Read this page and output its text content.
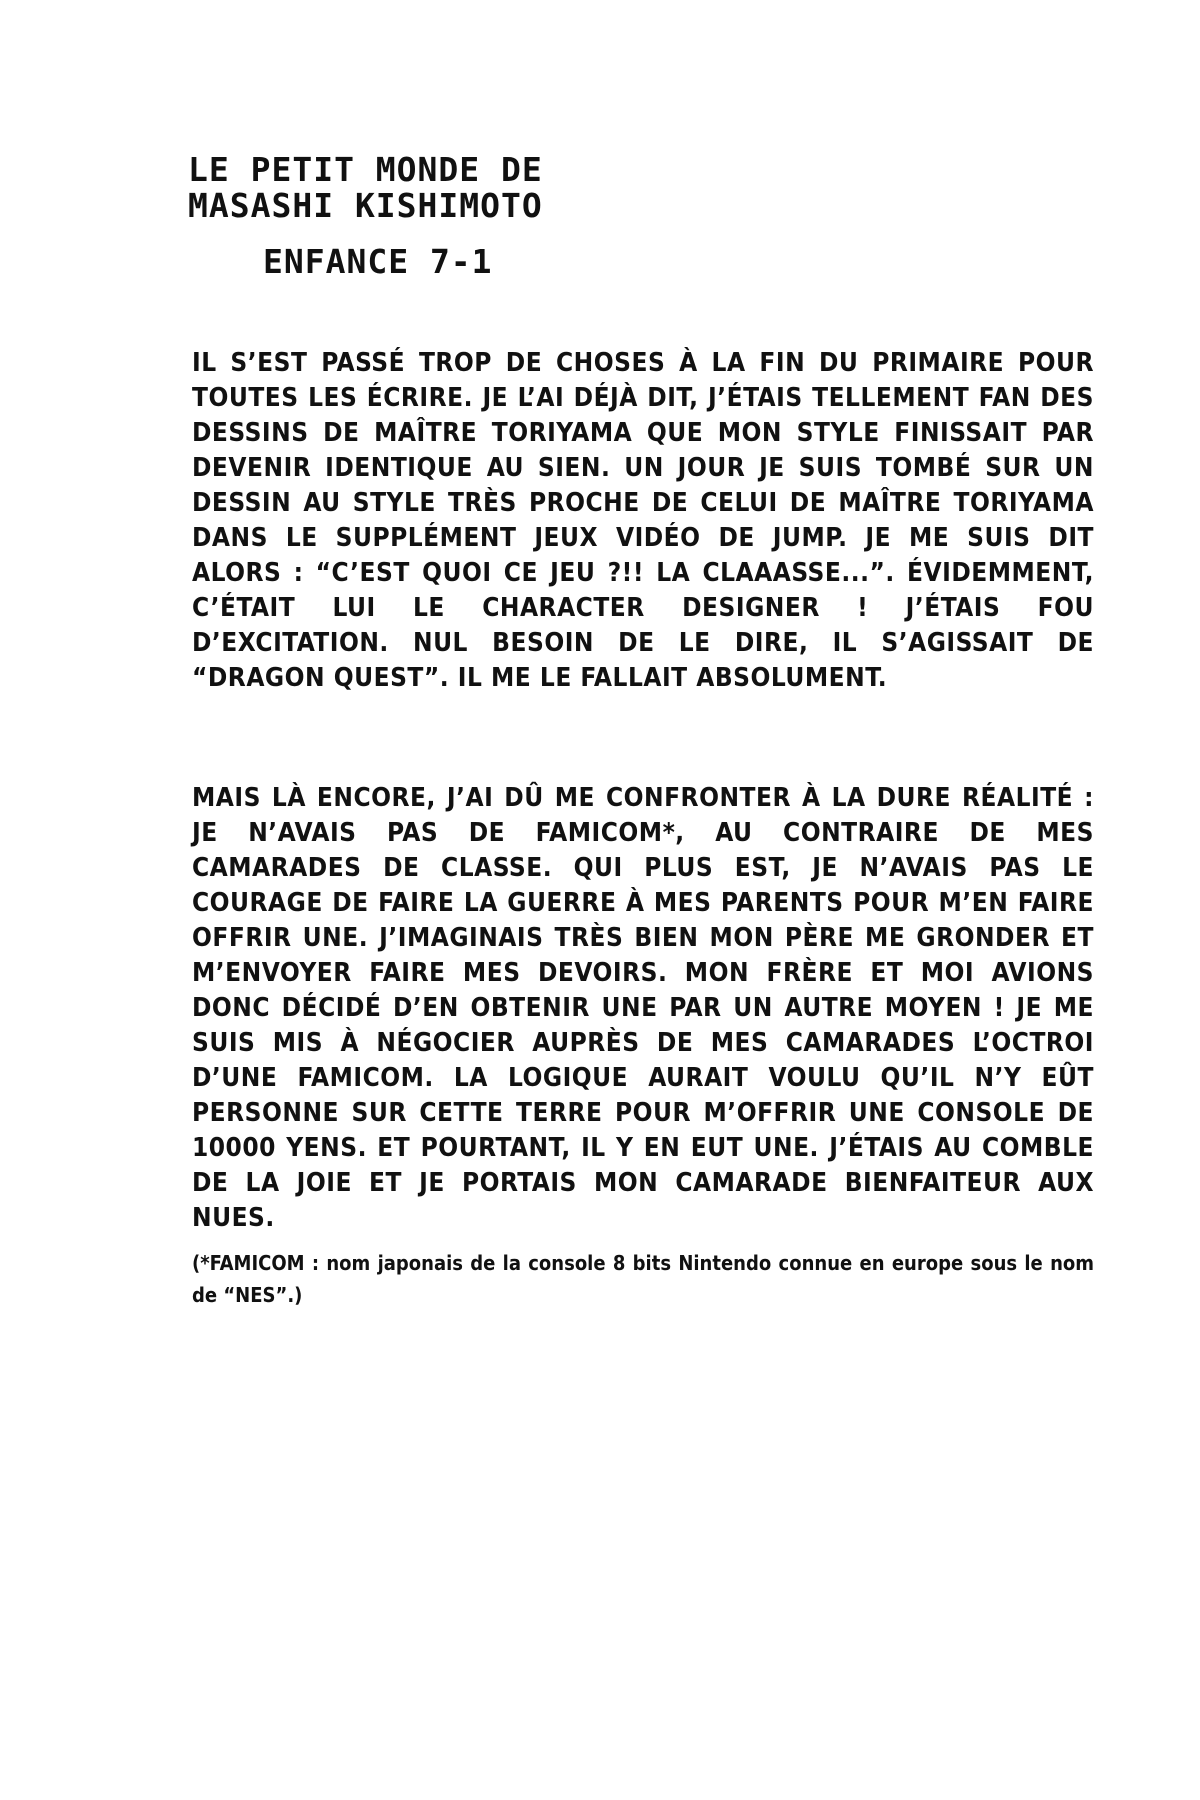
LE PETIT MONDE DE
MASASHI KISHIMOTO
ENFANCE 7-1

IL S’EST PASSÉ TROP DE CHOSES À LA FIN DU PRIMAIRE POUR TOUTES LES ÉCRIRE. JE L’AI DÉJÀ DIT, J’ÉTAIS TELLEMENT FAN DES DESSINS DE MAÎTRE TORIYAMA QUE MON STYLE FINISSAIT PAR DEVENIR IDENTIQUE AU SIEN. UN JOUR JE SUIS TOMBÉ SUR UN DESSIN AU STYLE TRÈS PROCHE DE CELUI DE MAÎTRE TORIYAMA DANS LE SUPPLÉMENT JEUX VIDÉO DE JUMP. JE ME SUIS DIT ALORS : “C’EST QUOI CE JEU ?!! LA CLAAASSE...”. ÉVIDEMMENT, C’ÉTAIT LUI LE CHARACTER DESIGNER ! J’ÉTAIS FOU D’EXCITATION. NUL BESOIN DE LE DIRE, IL S’AGISSAIT DE “DRAGON QUEST”. IL ME LE FALLAIT ABSOLUMENT.

MAIS LÀ ENCORE, J’AI DÛ ME CONFRONTER À LA DURE RÉALITÉ : JE N’AVAIS PAS DE FAMICOM*, AU CONTRAIRE DE MES CAMARADES DE CLASSE. QUI PLUS EST, JE N’AVAIS PAS LE COURAGE DE FAIRE LA GUERRE À MES PARENTS POUR M’EN FAIRE OFFRIR UNE. J’IMAGINAIS TRÈS BIEN MON PÈRE ME GRONDER ET M’ENVOYER FAIRE MES DEVOIRS. MON FRÈRE ET MOI AVIONS DONC DÉCIDÉ D’EN OBTENIR UNE PAR UN AUTRE MOYEN ! JE ME SUIS MIS À NÉGOCIER AUPRÈS DE MES CAMARADES L’OCTROI D’UNE FAMICOM. LA LOGIQUE AURAIT VOULU QU’IL N’Y EÛT PERSONNE SUR CETTE TERRE POUR M’OFFRIR UNE CONSOLE DE 10000 YENS. ET POURTANT, IL Y EN EUT UNE. J’ÉTAIS AU COMBLE DE LA JOIE ET JE PORTAIS MON CAMARADE BIENFAITEUR AUX NUES.

(*FAMICOM : nom japonais de la console 8 bits Nintendo connue en europe sous le nom de “NES”.)
